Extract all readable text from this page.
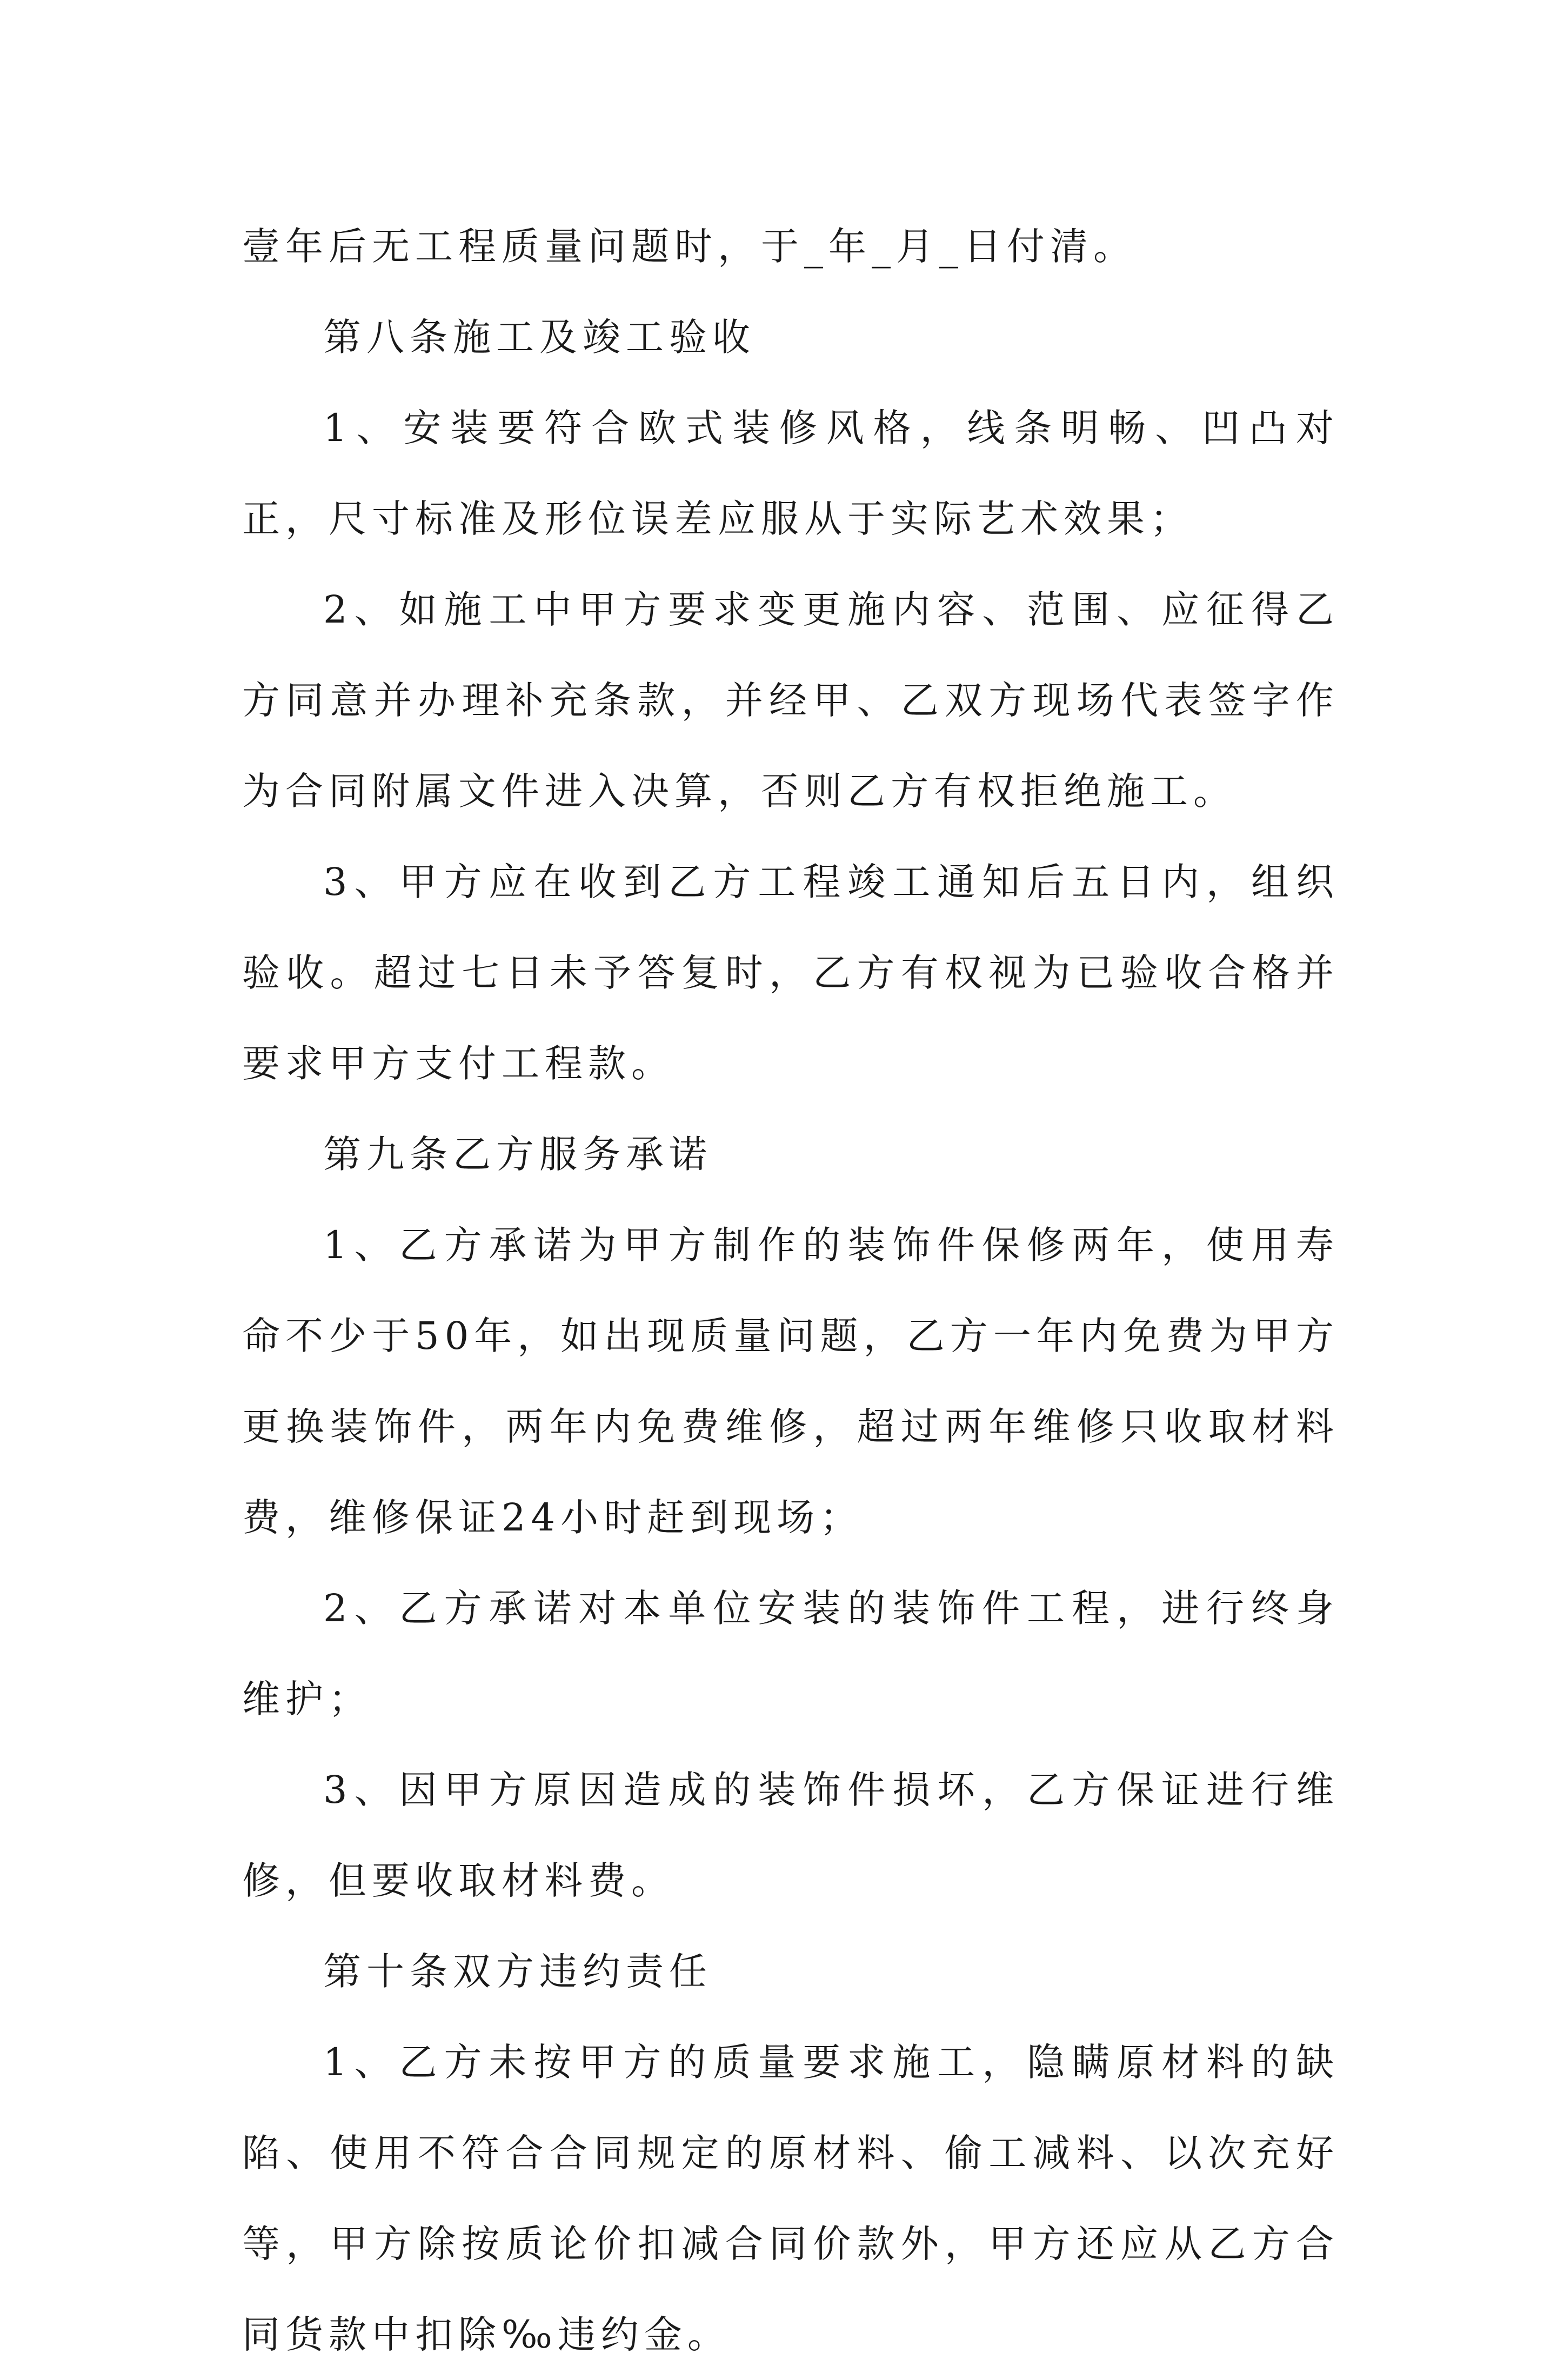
壹年后无工程质量问题时，于_年_月_日付清。

第八条施工及竣工验收

1、安装要符合欧式装修风格，线条明畅、凹凸对正，尺寸标准及形位误差应服从于实际艺术效果；

2、如施工中甲方要求变更施内容、范围、应征得乙方同意并办理补充条款，并经甲、乙双方现场代表签字作为合同附属文件进入决算，否则乙方有权拒绝施工。

3、甲方应在收到乙方工程竣工通知后五日内，组织验收。超过七日未予答复时，乙方有权视为已验收合格并要求甲方支付工程款。

第九条乙方服务承诺

1、乙方承诺为甲方制作的装饰件保修两年，使用寿命不少于50年，如出现质量问题，乙方一年内免费为甲方更换装饰件，两年内免费维修，超过两年维修只收取材料费，维修保证24小时赶到现场；

2、乙方承诺对本单位安装的装饰件工程，进行终身维护；

3、因甲方原因造成的装饰件损坏，乙方保证进行维修，但要收取材料费。

第十条双方违约责任

1、乙方未按甲方的质量要求施工，隐瞒原材料的缺陷、使用不符合合同规定的原材料、偷工减料、以次充好等，甲方除按质论价扣减合同价款外，甲方还应从乙方合同货款中扣除‰违约金。
